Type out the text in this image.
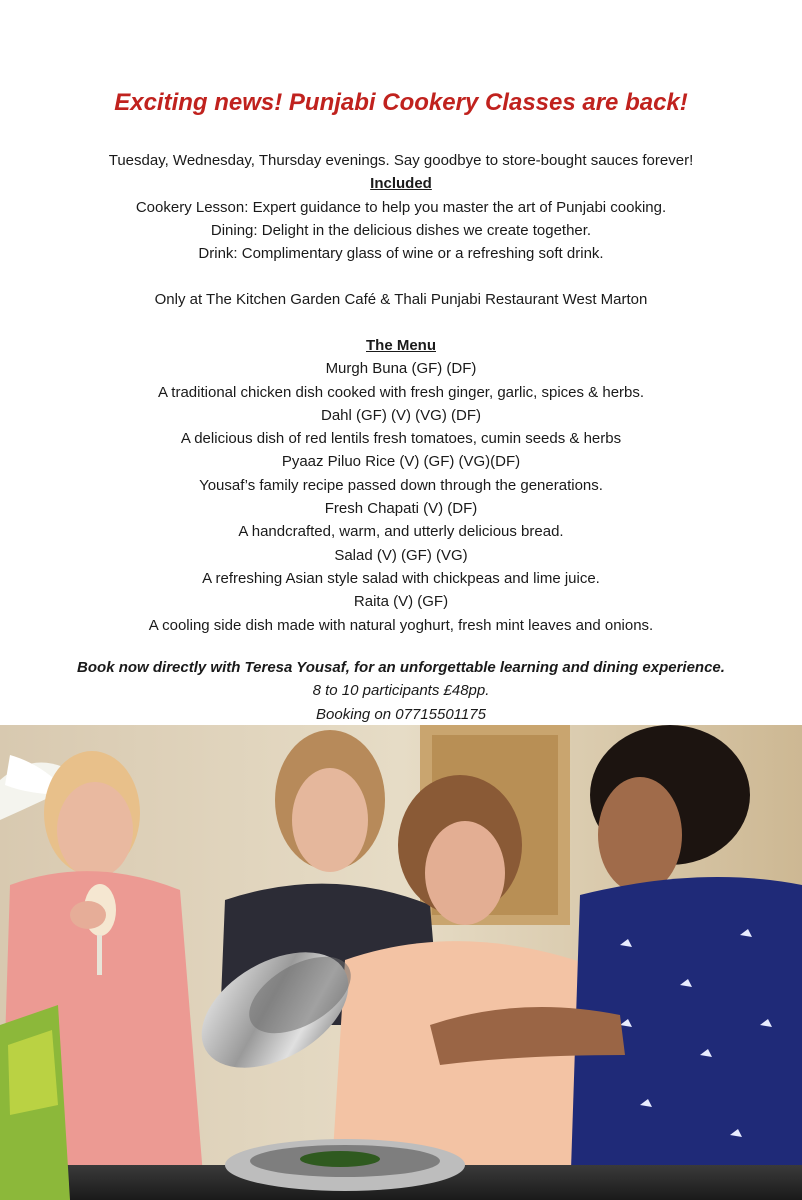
Exciting news! Punjabi Cookery Classes are back!
Tuesday, Wednesday, Thursday evenings. Say goodbye to store-bought sauces forever!
Included
Cookery Lesson: Expert guidance to help you master the art of Punjabi cooking.
Dining: Delight in the delicious dishes we create together.
Drink: Complimentary glass of wine or a refreshing soft drink.
Only at The Kitchen Garden Café & Thali Punjabi Restaurant West Marton
The Menu
Murgh Buna (GF) (DF)
A traditional chicken dish cooked with fresh ginger, garlic, spices & herbs.
Dahl (GF) (V) (VG) (DF)
A delicious dish of red lentils fresh tomatoes, cumin seeds & herbs
Pyaaz Piluo Rice (V) (GF) (VG)(DF)
Yousaf’s family recipe passed down through the generations.
Fresh Chapati (V) (DF)
A handcrafted, warm, and utterly delicious bread.
Salad (V) (GF) (VG)
A refreshing Asian style salad with chickpeas and lime juice.
Raita (V) (GF)
A cooling side dish made with natural yoghurt, fresh mint leaves and onions.
Book now directly with Teresa Yousaf, for an unforgettable learning and dining experience.
8 to 10 participants £48pp.
Booking on 07715501175
